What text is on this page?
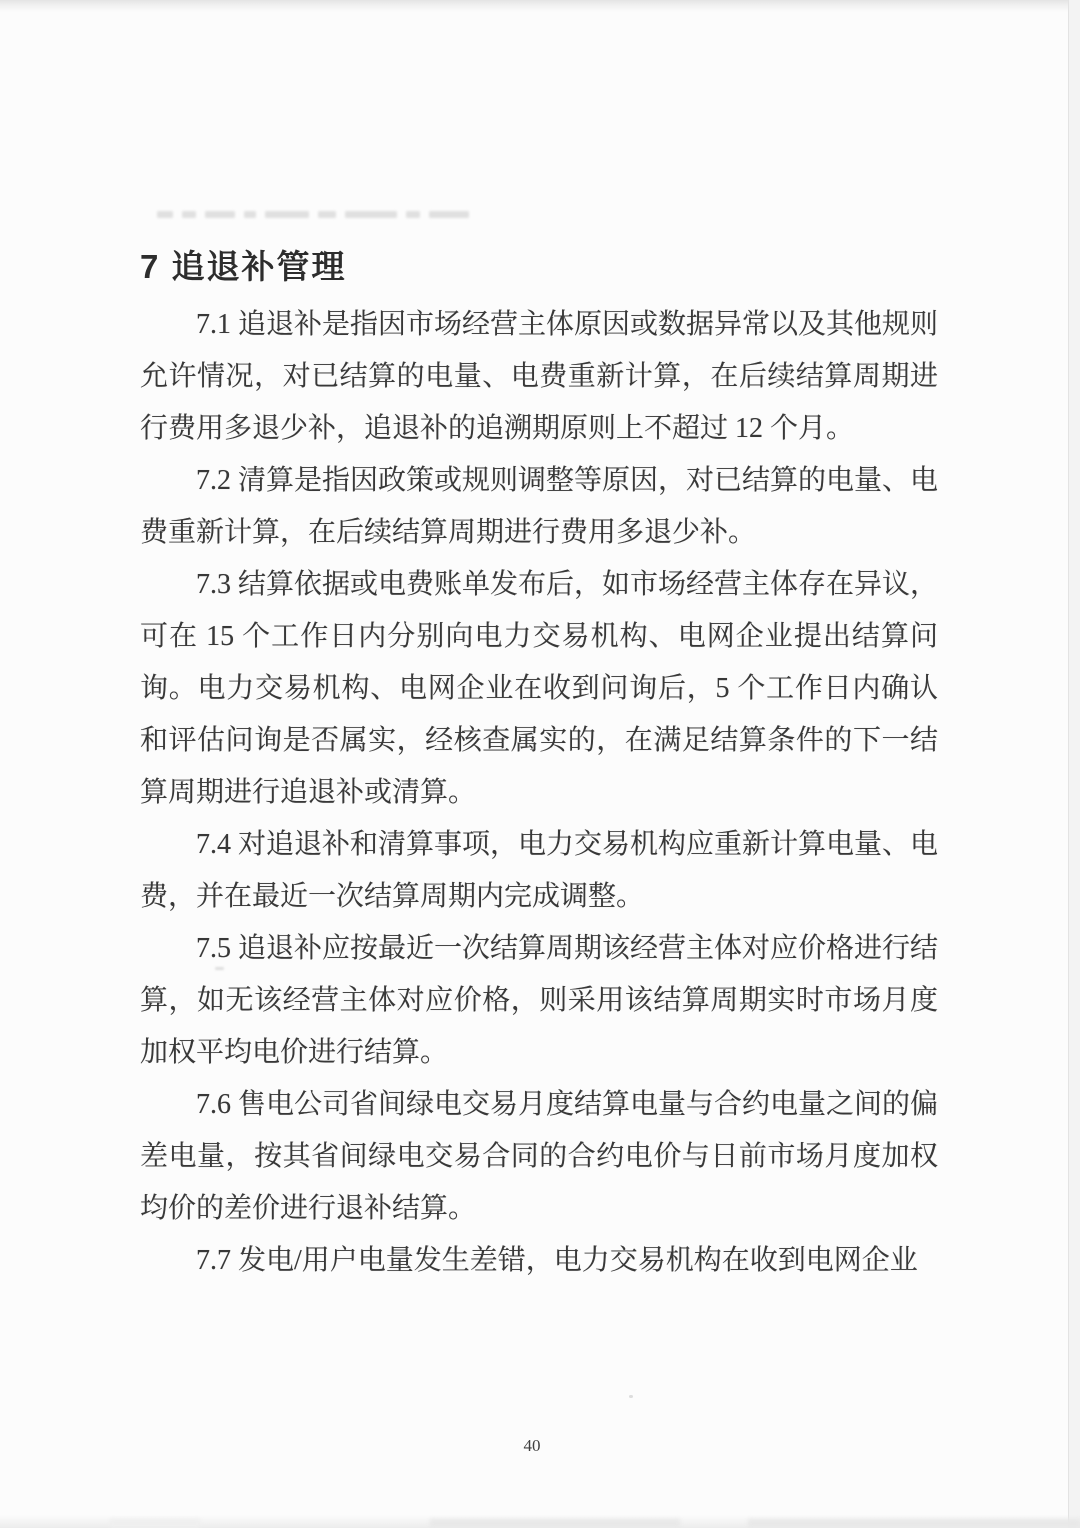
7 追退补管理

7.1 追退补是指因市场经营主体原因或数据异常以及其他规则允许情况，对已结算的电量、电费重新计算，在后续结算周期进行费用多退少补，追退补的追溯期原则上不超过 12 个月。

7.2 清算是指因政策或规则调整等原因，对已结算的电量、电费重新计算，在后续结算周期进行费用多退少补。

7.3 结算依据或电费账单发布后，如市场经营主体存在异议，可在 15 个工作日内分别向电力交易机构、电网企业提出结算问询。电力交易机构、电网企业在收到问询后，5 个工作日内确认和评估问询是否属实，经核查属实的，在满足结算条件的下一结算周期进行追退补或清算。

7.4 对追退补和清算事项，电力交易机构应重新计算电量、电费，并在最近一次结算周期内完成调整。

7.5 追退补应按最近一次结算周期该经营主体对应价格进行结算，如无该经营主体对应价格，则采用该结算周期实时市场月度加权平均电价进行结算。

7.6 售电公司省间绿电交易月度结算电量与合约电量之间的偏差电量，按其省间绿电交易合同的合约电价与日前市场月度加权均价的差价进行退补结算。

7.7 发电/用户电量发生差错，电力交易机构在收到电网企业

40
